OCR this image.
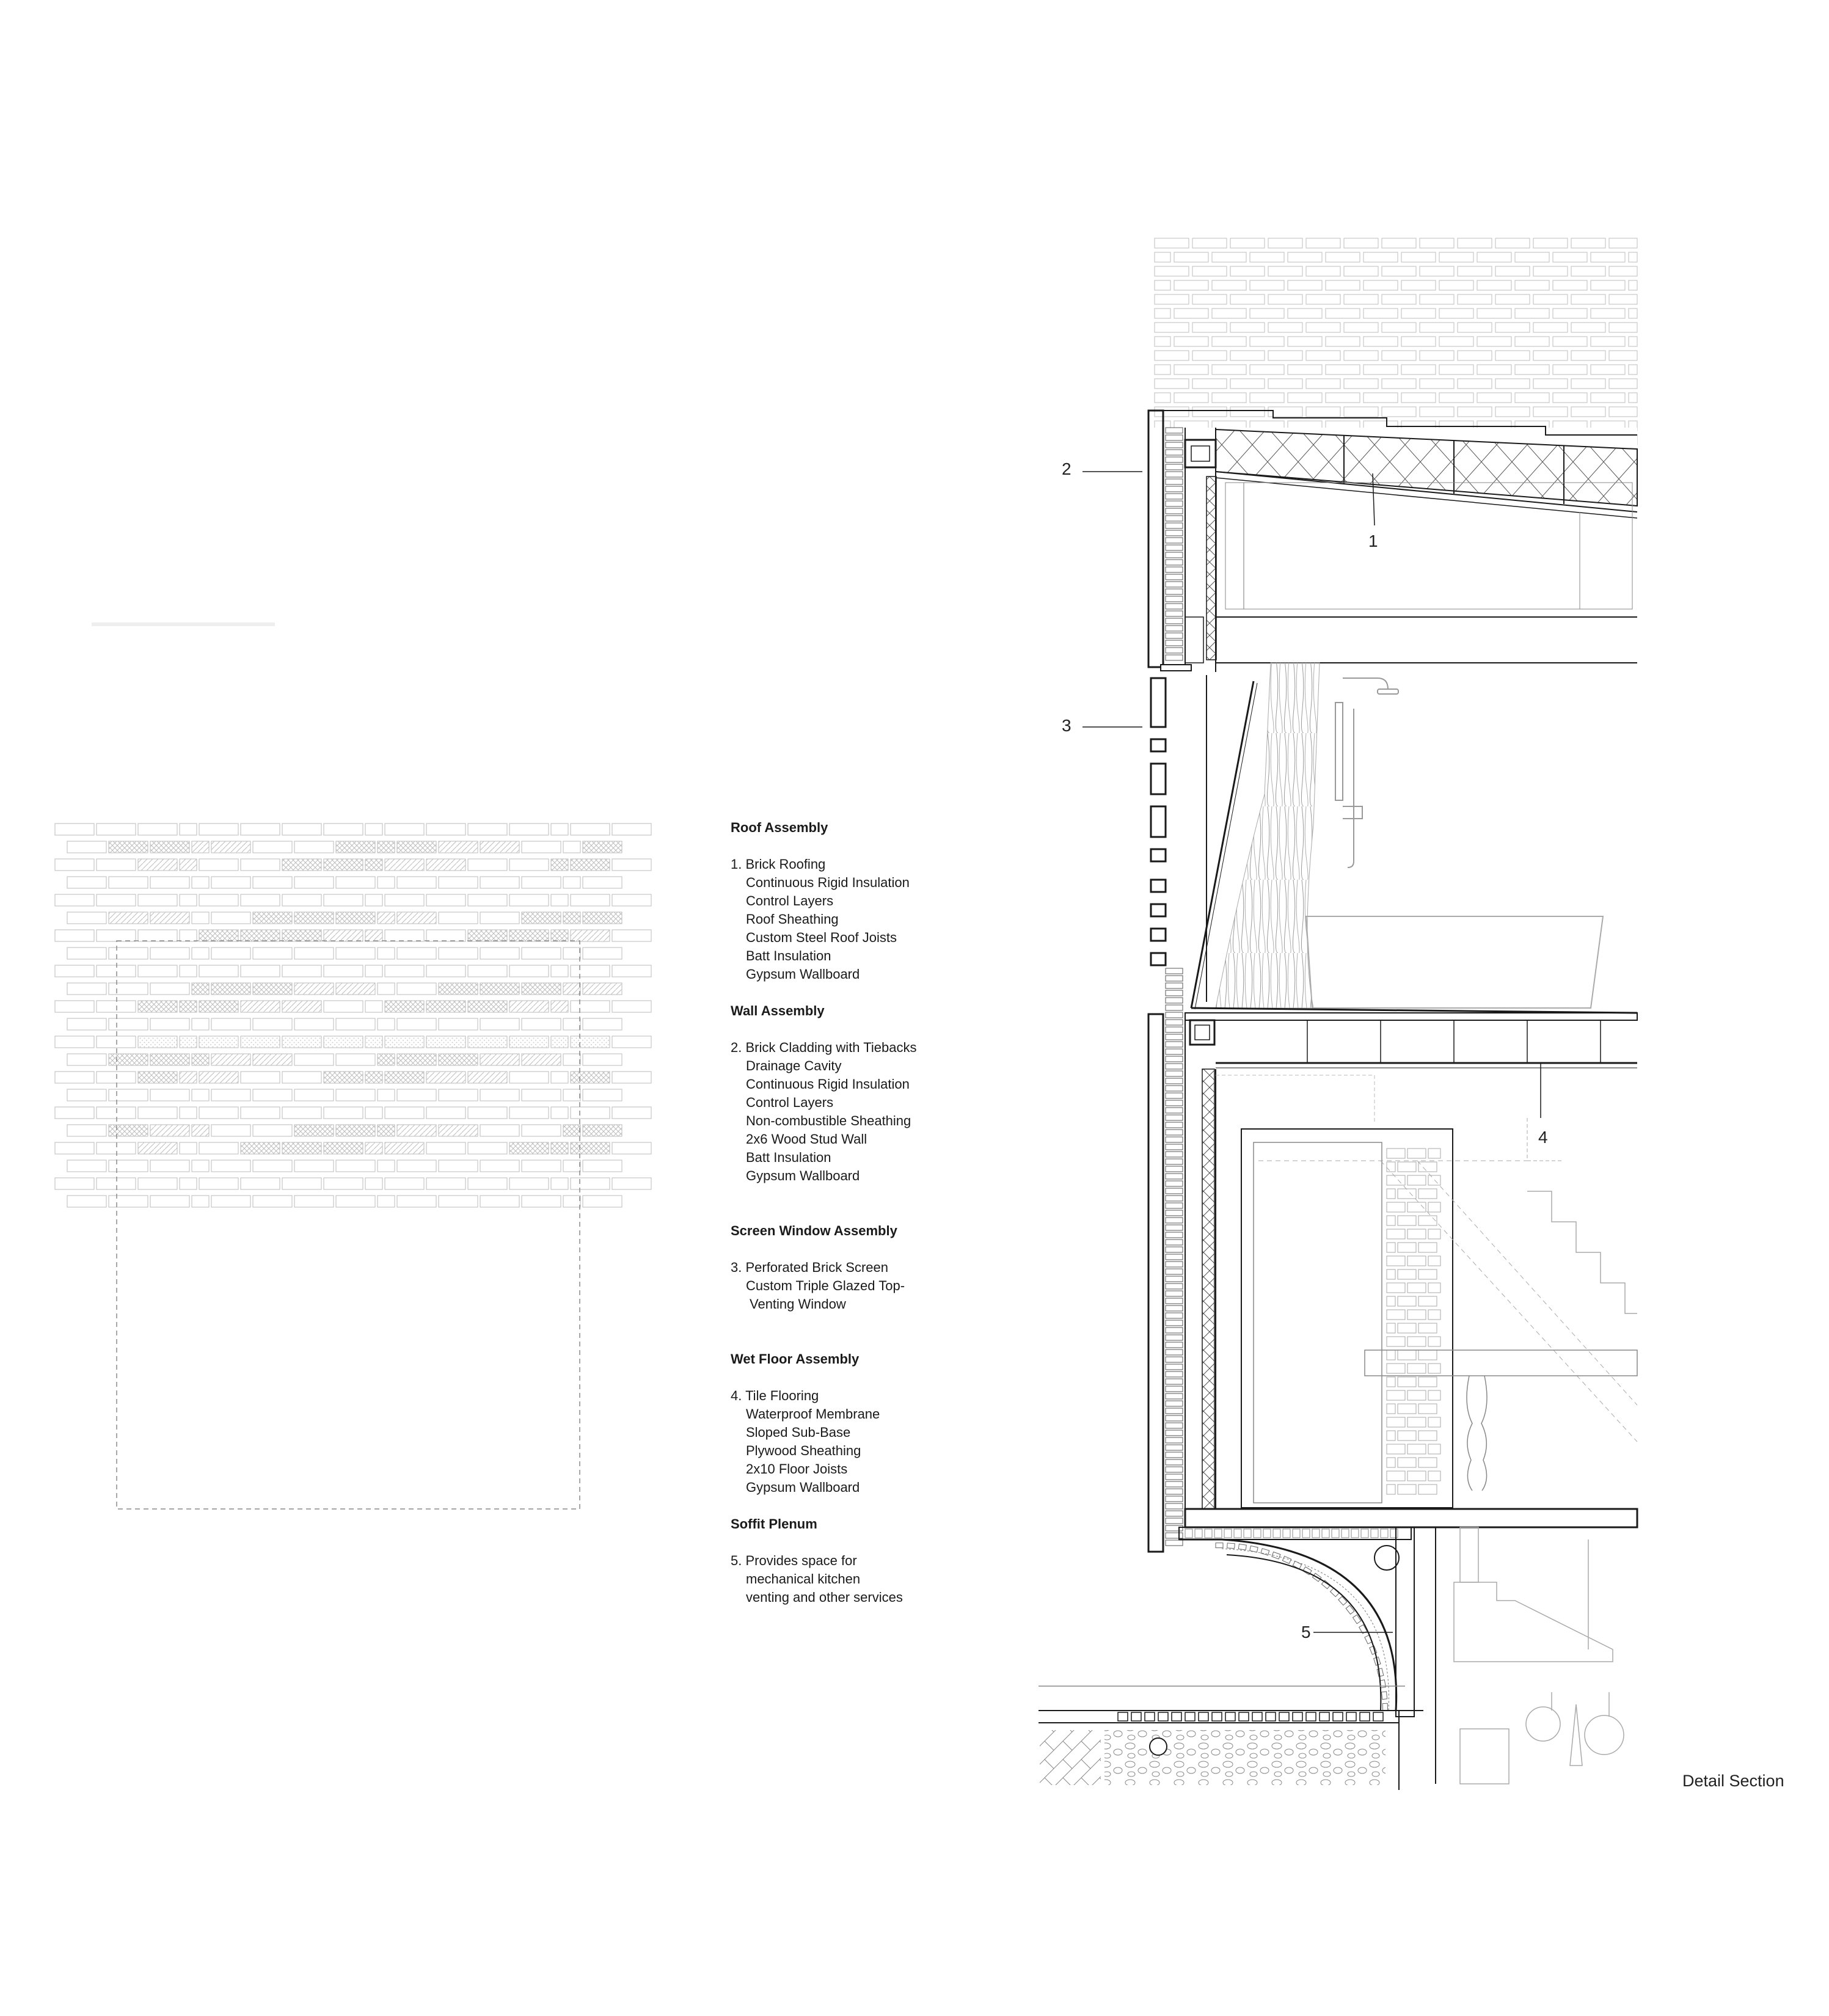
2
1
3
4
5
Roof Assembly
1. Brick Roofing
Continuous Rigid Insulation
Control Layers
Roof Sheathing
Custom Steel Roof Joists
Batt Insulation
Gypsum Wallboard
Wall Assembly
2. Brick Cladding with Tiebacks
Drainage Cavity
Continuous Rigid Insulation
Control Layers
Non-combustible Sheathing
2x6 Wood Stud Wall
Batt Insulation
Gypsum Wallboard
Screen Window Assembly
3. Perforated Brick Screen
Custom Triple Glazed Top-
Venting Window
Wet Floor Assembly
4. Tile Flooring
Waterproof Membrane
Sloped Sub-Base
Plywood Sheathing
2x10 Floor Joists
Gypsum Wallboard
Soffit Plenum
5. Provides space for
mechanical kitchen
venting and other services
Detail Section
